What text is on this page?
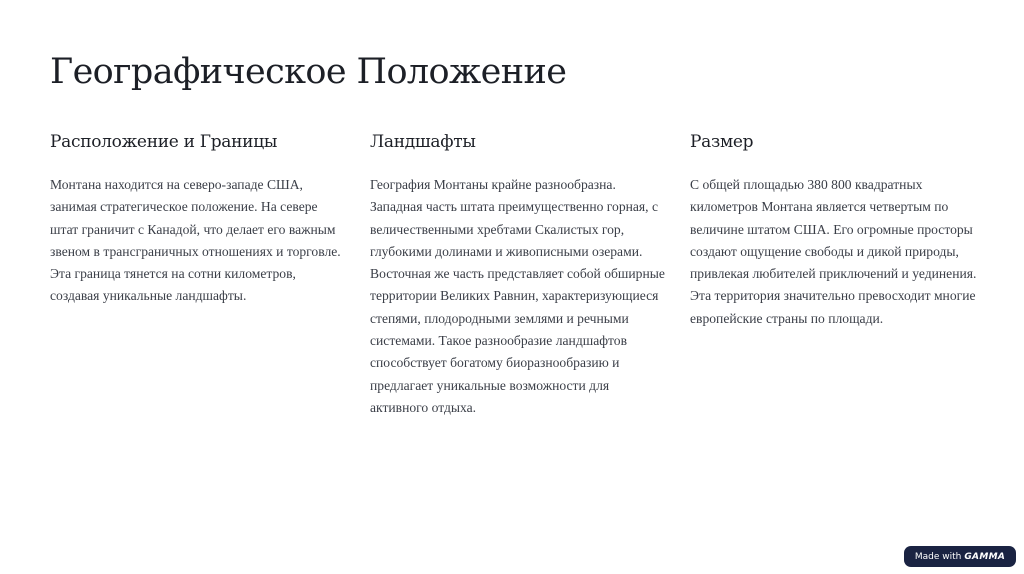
Географическое Положение
Расположение и Границы

Монтана находится на северо-западе США, занимая стратегическое положение. На севере штат граничит с Канадой, что делает его важным звеном в трансграничных отношениях и торговле. Эта граница тянется на сотни километров, создавая уникальные ландшафты.

Ландшафты

География Монтаны крайне разнообразна. Западная часть штата преимущественно горная, с величественными хребтами Скалистых гор, глубокими долинами и живописными озерами. Восточная же часть представляет собой обширные территории Великих Равнин, характеризующиеся степями, плодородными землями и речными системами. Такое разнообразие ландшафтов способствует богатому биоразнообразию и предлагает уникальные возможности для активного отдыха.

Размер

С общей площадью 380 800 квадратных километров Монтана является четвертым по величине штатом США. Его огромные просторы создают ощущение свободы и дикой природы, привлекая любителей приключений и уединения. Эта территория значительно превосходит многие европейские страны по площади.

Made with GAMMA
